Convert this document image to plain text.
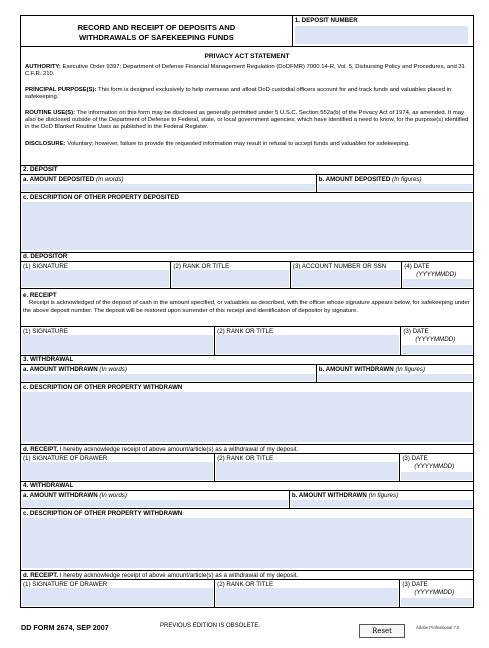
RECORD AND RECEIPT OF DEPOSITS AND
WITHDRAWALS OF SAFEKEEPING FUNDS
1. DEPOSIT NUMBER
PRIVACY ACT STATEMENT
AUTHORITY: Executive Order 9397; Department of Defense Financial Management Regulation (DoDFMR) 7000.14-R, Vol. 5, Disbursing Policy and Procedures, and 31 C.F.R. 210.
PRINCIPAL PURPOSE(S): This form is designed exclusively to help overseas and afloat DoD custodial officers account for and track funds and valuables placed in safekeeping.
ROUTINE USE(S): The information on this form may be disclosed as generally permitted under 5 U.S.C. Section 552a(b) of the Privacy Act of 1974, as amended. It may also be disclosed outside of the Department of Defense to Federal, state, or local government agencies, which have identified a need to know, for the purpose(s) identified in the DoD Blanket Routine Uses as published in the Federal Register.
DISCLOSURE: Voluntary; however, failure to provide the requested information may result in refusal to accept funds and valuables for safekeeping.
2. DEPOSIT
a. AMOUNT DEPOSITED (In words)	b. AMOUNT DEPOSITED (In figures)
c. DESCRIPTION OF OTHER PROPERTY DEPOSITED
d. DEPOSITOR
(1) SIGNATURE	(2) RANK OR TITLE	(3) ACCOUNT NUMBER OR SSN	(4) DATE
(YYYYMMDD)
e. RECEIPT
Receipt is acknowledged of the deposit of cash in the amount specified, or valuables as described, with the officer whose signature appears below, for safekeeping under the above deposit number. The deposit will be restored upon surrender of this receipt and identification of depositor by signature.
(1) SIGNATURE	(2) RANK OR TITLE	(3) DATE
(YYYYMMDD)
3. WITHDRAWAL
a. AMOUNT WITHDRAWN (In words)	b. AMOUNT WITHDRAWN (In figures)
c. DESCRIPTION OF OTHER PROPERTY WITHDRAWN
d. RECEIPT. I hereby acknowledge receipt of above amount/article(s) as a withdrawal of my deposit.
(1) SIGNATURE OF DRAWER	(2) RANK OR TITLE	(3) DATE
(YYYYMMDD)
4. WITHDRAWAL
a. AMOUNT WITHDRAWN (In words)	b. AMOUNT WITHDRAWN (In figures)
c. DESCRIPTION OF OTHER PROPERTY WITHDRAWN
d. RECEIPT. I hereby acknowledge receipt of above amount/article(s) as a withdrawal of my deposit.
(1) SIGNATURE OF DRAWER	(2) RANK OR TITLE	(3) DATE
(YYYYMMDD)
DD FORM 2674, SEP 2007	PREVIOUS EDITION IS OBSOLETE.
Reset	Adobe Professional 7.0
